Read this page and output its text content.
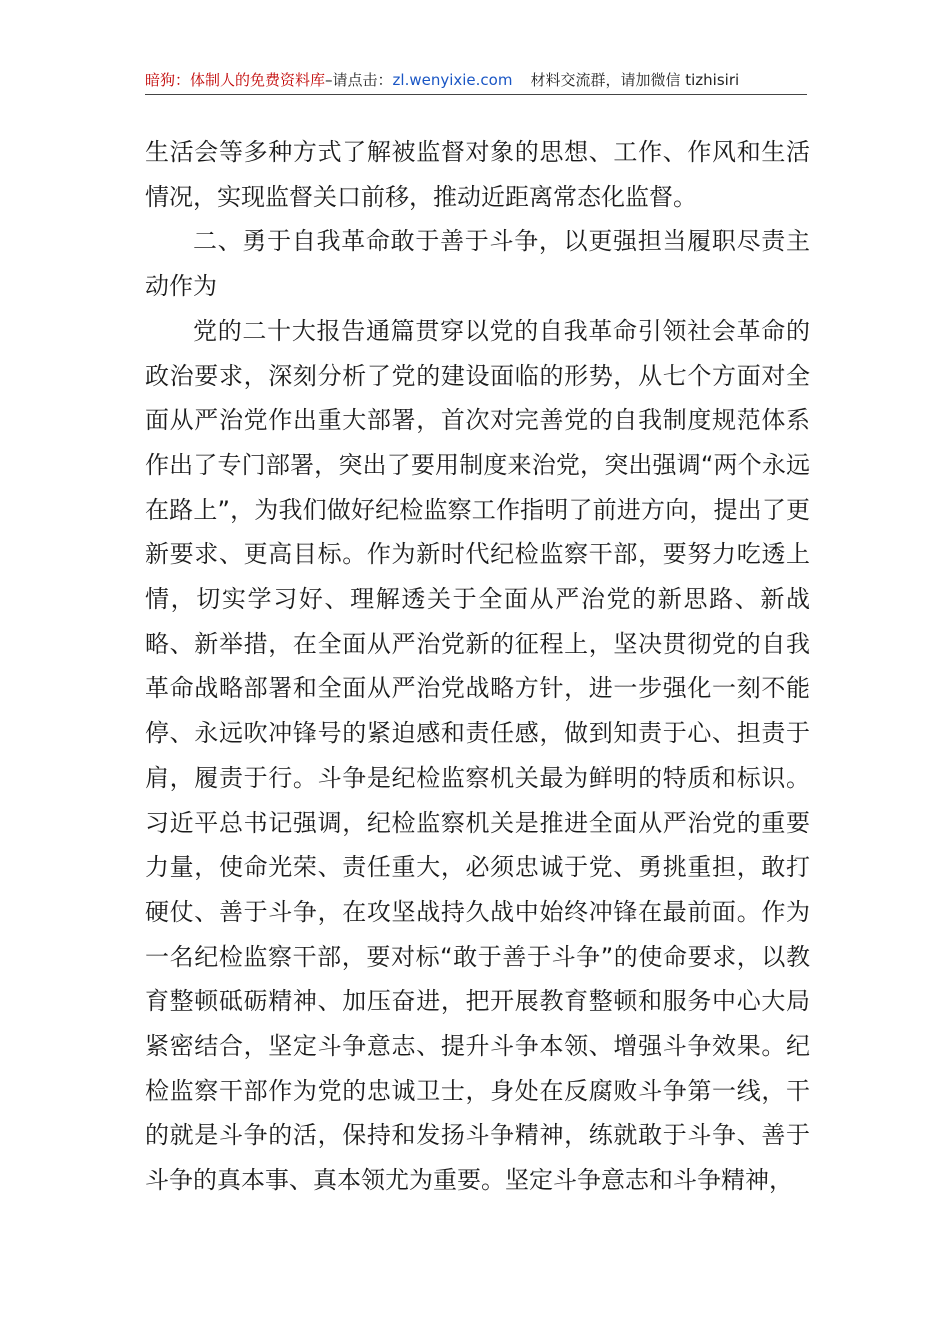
暗狗：体制人的免费资料库–请点击：zl.wenyixie.com 材料交流群，请加微信 tizhisiri

生活会等多种方式了解被监督对象的思想、工作、作风和生活情况，实现监督关口前移，推动近距离常态化监督。

二、勇于自我革命敢于善于斗争，以更强担当履职尽责主动作为

党的二十大报告通篇贯穿以党的自我革命引领社会革命的政治要求，深刻分析了党的建设面临的形势，从七个方面对全面从严治党作出重大部署，首次对完善党的自我制度规范体系作出了专门部署，突出了要用制度来治党，突出强调“两个永远在路上”，为我们做好纪检监察工作指明了前进方向，提出了更新要求、更高目标。作为新时代纪检监察干部，要努力吃透上情，切实学习好、理解透关于全面从严治党的新思路、新战略、新举措，在全面从严治党新的征程上，坚决贯彻党的自我革命战略部署和全面从严治党战略方针，进一步强化一刻不能停、永远吹冲锋号的紧迫感和责任感，做到知责于心、担责于肩，履责于行。斗争是纪检监察机关最为鲜明的特质和标识。习近平总书记强调，纪检监察机关是推进全面从严治党的重要力量，使命光荣、责任重大，必须忠诚于党、勇挑重担，敢打硬仗、善于斗争，在攻坚战持久战中始终冲锋在最前面。作为一名纪检监察干部，要对标“敢于善于斗争”的使命要求，以教育整顿砥砺精神、加压奋进，把开展教育整顿和服务中心大局紧密结合，坚定斗争意志、提升斗争本领、增强斗争效果。纪检监察干部作为党的忠诚卫士，身处在反腐败斗争第一线，干的就是斗争的活，保持和发扬斗争精神，练就敢于斗争、善于斗争的真本事、真本领尤为重要。坚定斗争意志和斗争精神，
